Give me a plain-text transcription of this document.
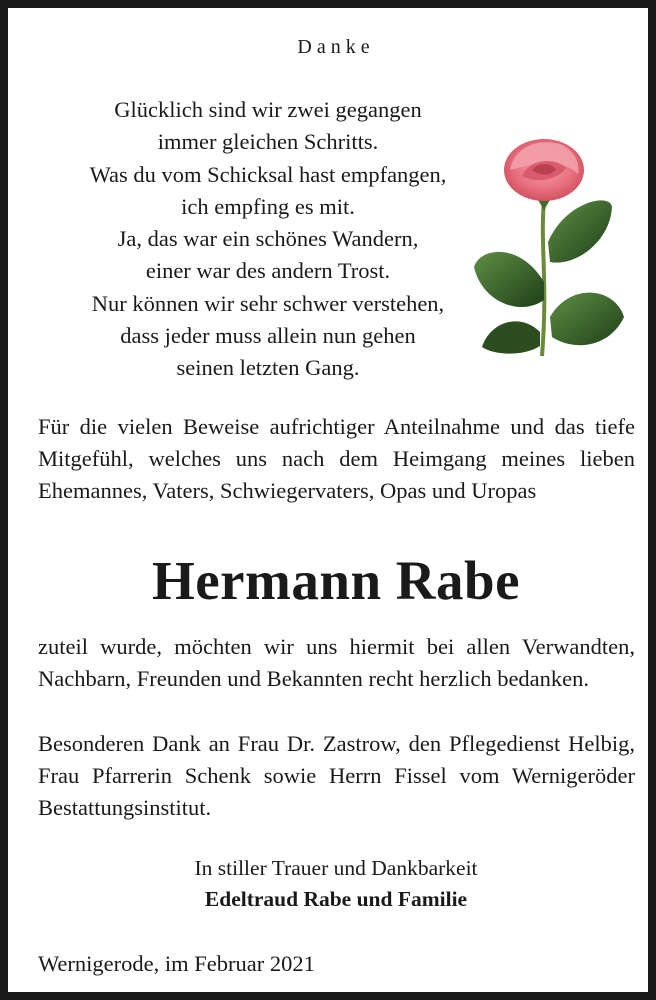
Danke
Glücklich sind wir zwei gegangen
immer gleichen Schritts.
Was du vom Schicksal hast empfangen,
ich empfing es mit.
Ja, das war ein schönes Wandern,
einer war des andern Trost.
Nur können wir sehr schwer verstehen,
dass jeder muss allein nun gehen
seinen letzten Gang.

Für die vielen Beweise aufrichtiger Anteilnahme und das tiefe Mitgefühl, welches uns nach dem Heimgang meines lieben Ehemannes, Vaters, Schwiegervaters, Opas und Uropas

Hermann Rabe

zuteil wurde, möchten wir uns hiermit bei allen Verwandten, Nachbarn, Freunden und Bekannten recht herzlich bedanken.

Besonderen Dank an Frau Dr. Zastrow, den Pflegedienst Helbig, Frau Pfarrerin Schenk sowie Herrn Fissel vom Wernigeröder Bestattungsinstitut.

In stiller Trauer und Dankbarkeit
Edeltraud Rabe und Familie
Wernigerode, im Februar 2021
